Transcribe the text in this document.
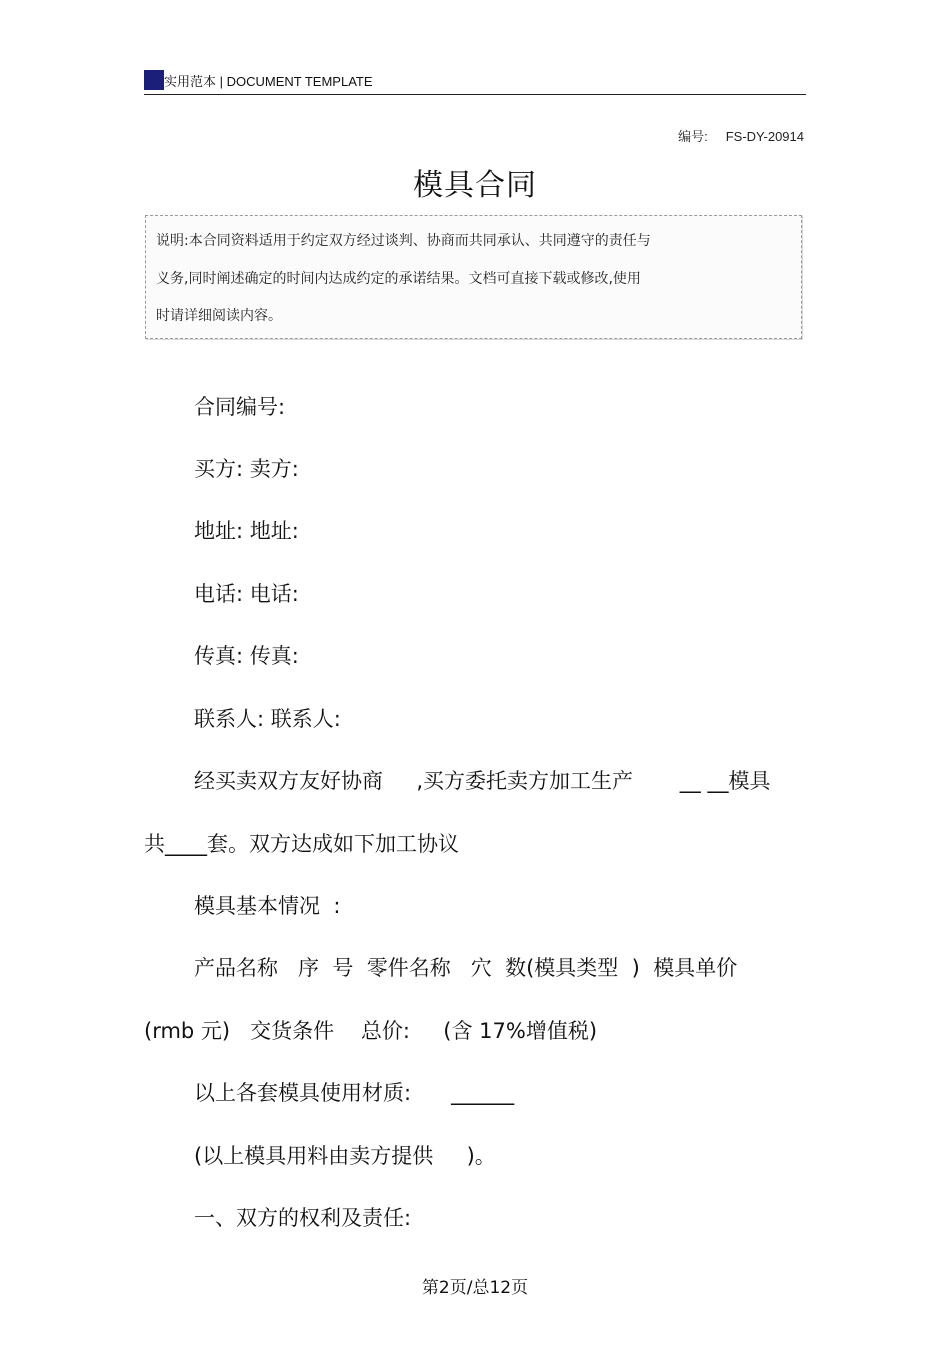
实用范本 | DOCUMENT TEMPLATE
编号: FS-DY-20914
模具合同
说明:本合同资料适用于约定双方经过谈判、协商而共同承认、共同遵守的责任与
义务,同时阐述确定的时间内达成约定的承诺结果。文档可直接下载或修改,使用
时请详细阅读内容。
合同编号:
买方: 卖方:
地址: 地址:
电话: 电话:
传真: 传真:
联系人: 联系人:
经买卖双方友好协商     ,买方委托卖方加工生产       __ __模具
共____套。双方达成如下加工协议
模具基本情况  :
产品名称   序  号  零件名称   穴  数(模具类型  )  模具单价
(rmb 元)   交货条件    总价:     (含 17%增值税)
以上各套模具使用材质:      ______
(以上模具用料由卖方提供     )。
一、双方的权利及责任:
第2页/总12页
